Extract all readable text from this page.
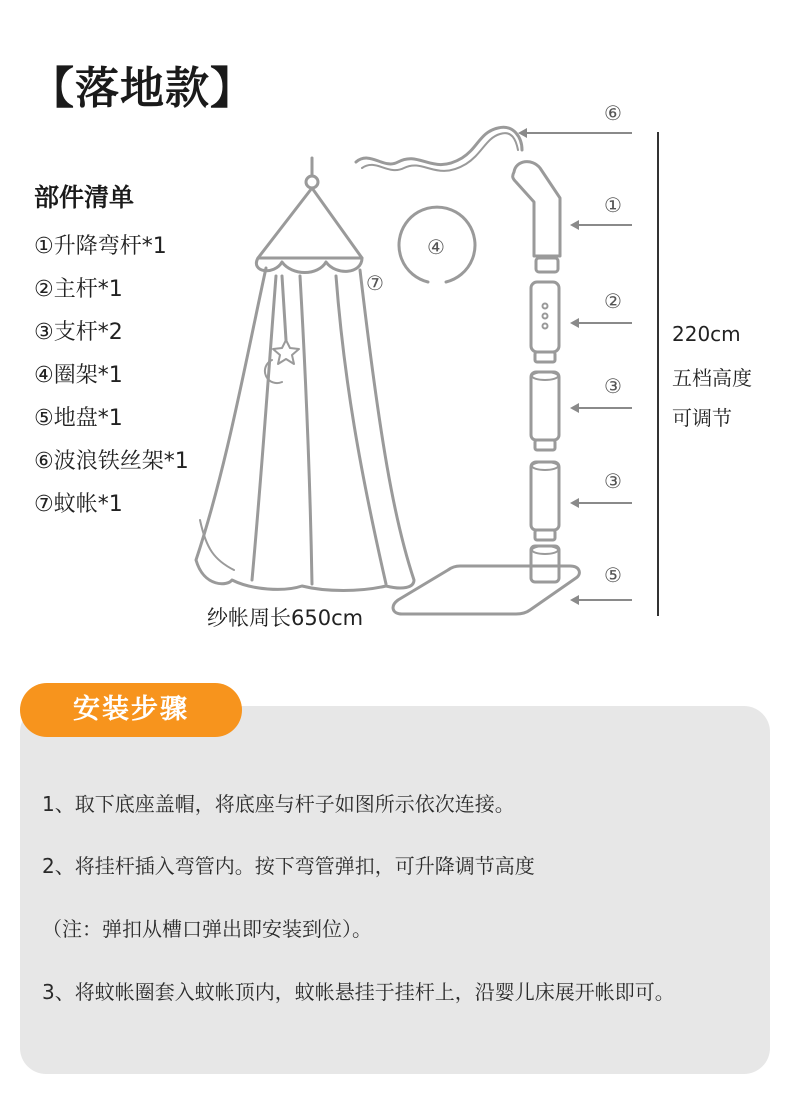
【落地款】
部件清单
①升降弯杆*1
②主杆*1
③支杆*2
④圈架*1
⑤地盘*1
⑥波浪铁丝架*1
⑦蚊帐*1
⑥
①
②
③
③
⑤
④
⑦
220cm
五档高度
可调节
纱帐周长650cm
安装步骤
1、取下底座盖帽，将底座与杆子如图所示依次连接。
2、将挂杆插入弯管内。按下弯管弹扣，可升降调节高度
（注：弹扣从槽口弹出即安装到位）。
3、将蚊帐圈套入蚊帐顶内，蚊帐悬挂于挂杆上，沿婴儿床展开帐即可。
